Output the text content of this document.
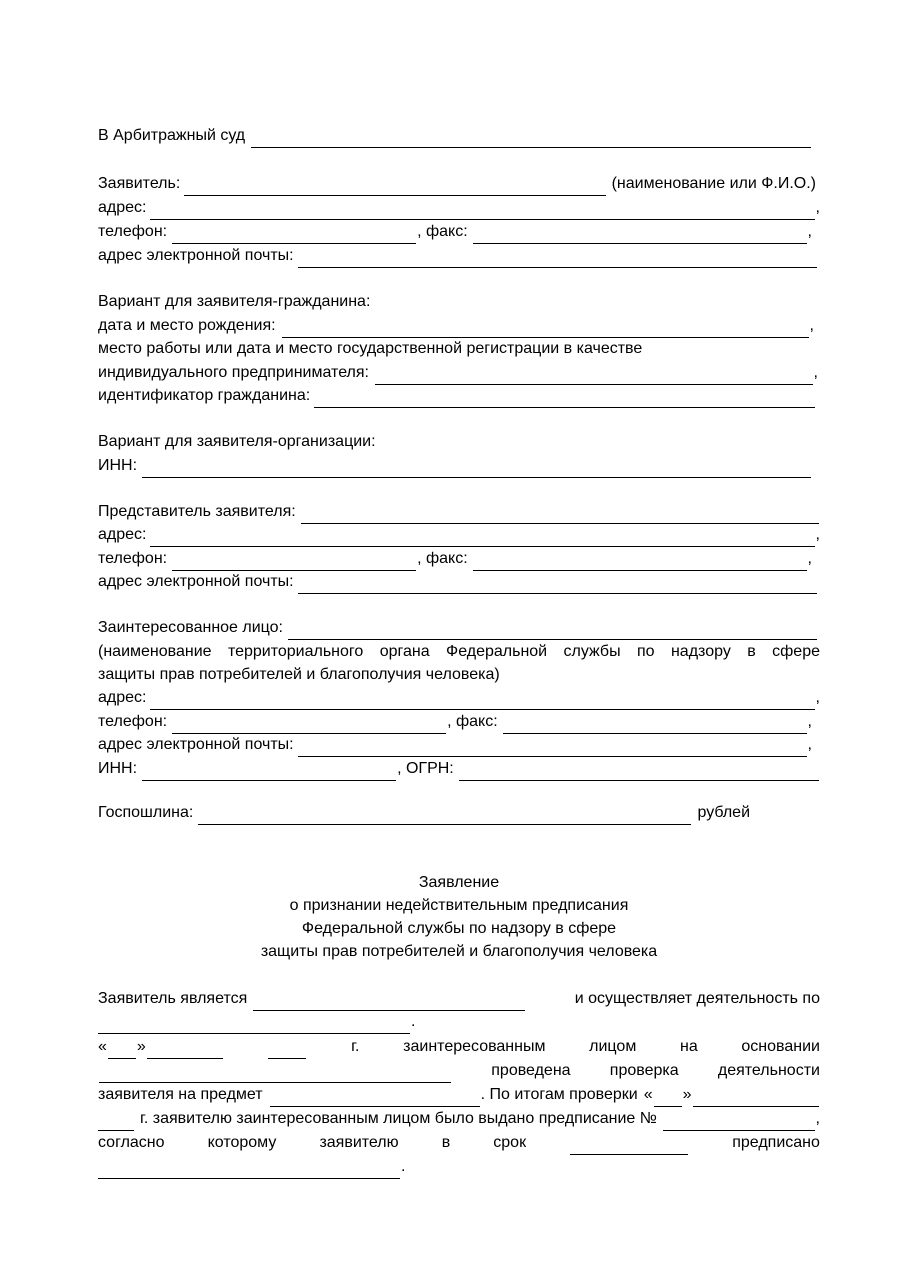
В Арбитражный суд
Заявитель:	(наименование или Ф.И.О.)
адрес:	,
телефон:	, факс:	,
адрес электронной почты:
Вариант для заявителя-гражданина:
дата и место рождения:	,
место работы или дата и место государственной регистрации в качестве
индивидуального предпринимателя:	,
идентификатор гражданина:
Вариант для заявителя-организации:
ИНН:
Представитель заявителя:
адрес:	,
телефон:	, факс:	,
адрес электронной почты:
Заинтересованное лицо:
(наименование территориального органа Федеральной службы по надзору в сфере
защиты прав потребителей и благополучия человека)
адрес:	,
телефон:	, факс:	,
адрес электронной почты:	,
ИНН:	, ОГРН:
Госпошлина:	рублей
Заявление
о признании недействительным предписания
Федеральной службы по надзору в сфере
защиты прав потребителей и благополучия человека
Заявитель является	и осуществляет деятельность по
.
« »	г.	заинтересованным	лицом	на	основании
проведена проверка деятельности
заявителя на предмет	. По итогам проверки « »
г. заявителю заинтересованным лицом было выдано предписание №	,
согласно	которому	заявителю	в	срок	предписано
.
